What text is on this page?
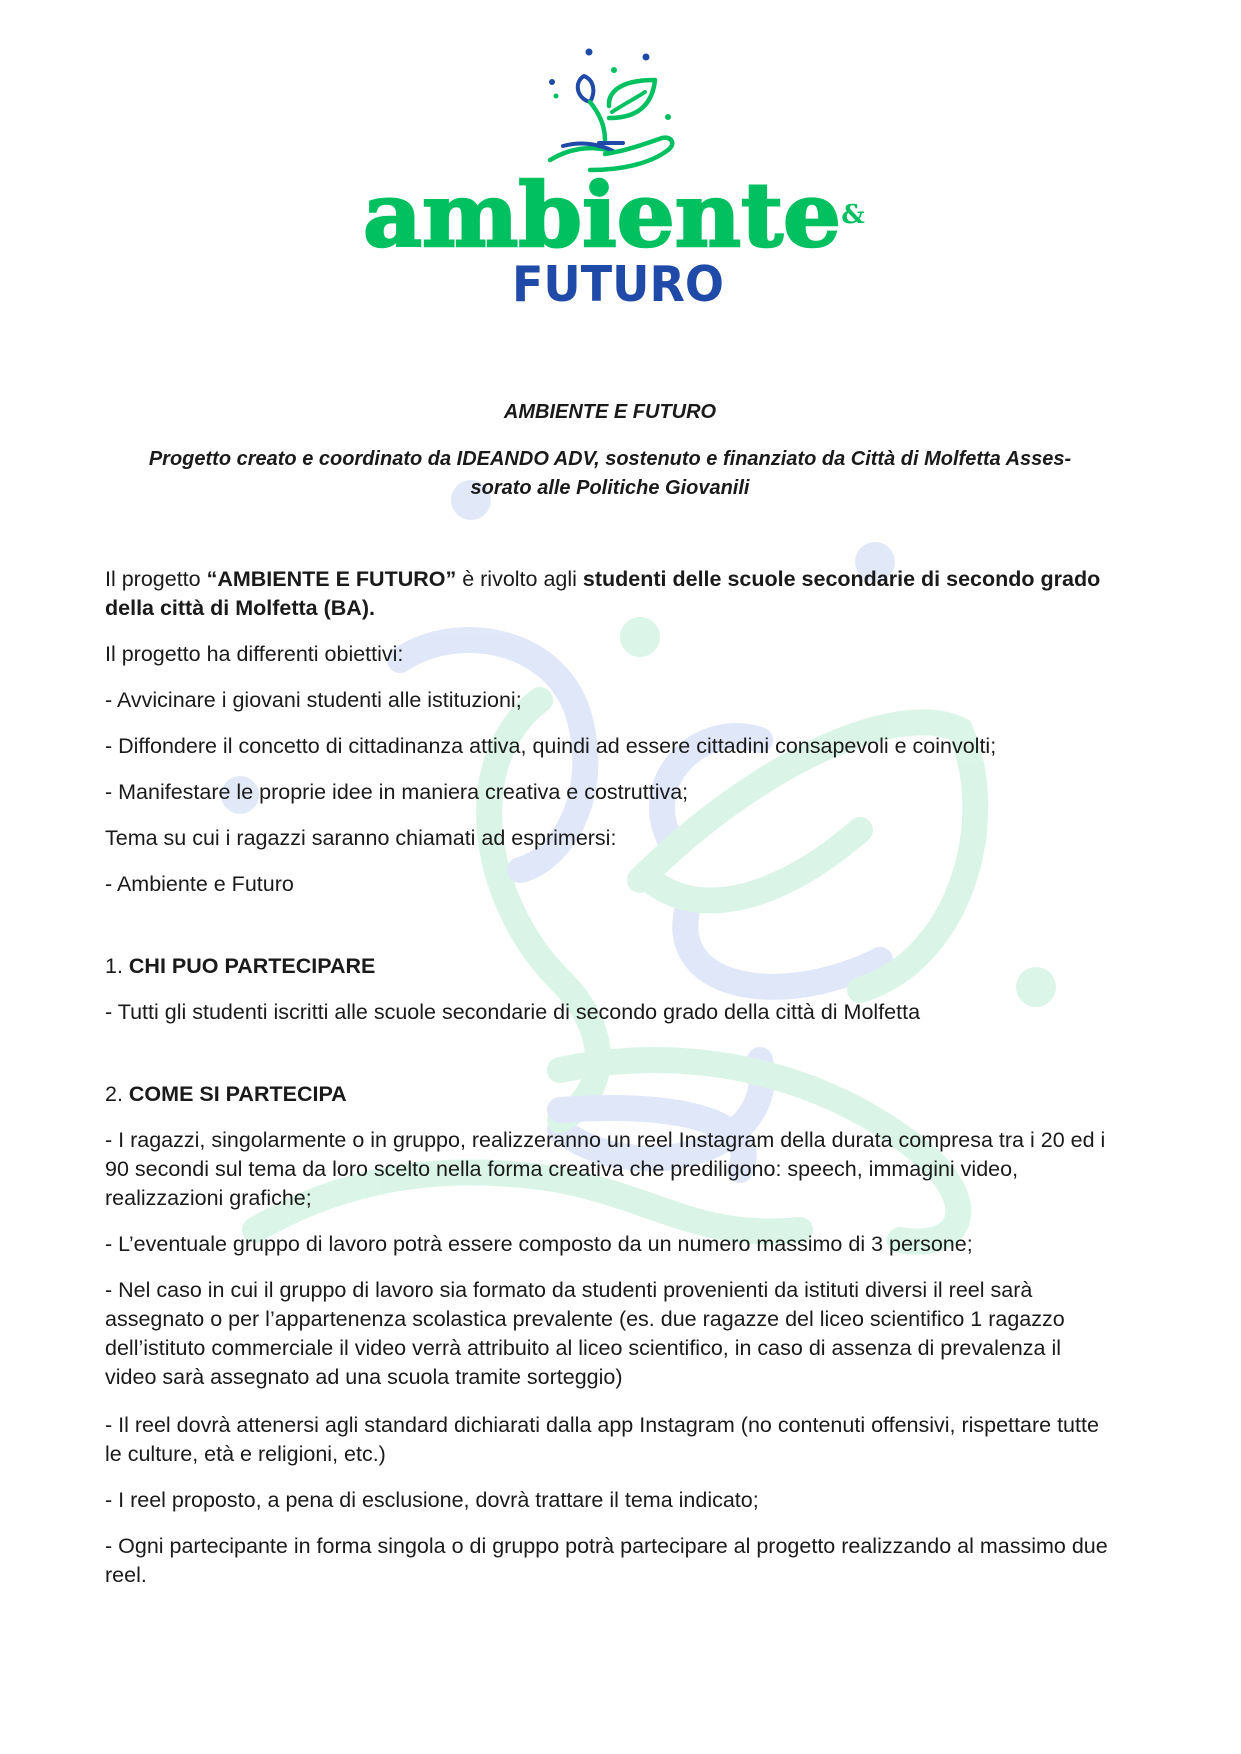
ambiente &
FUTURO
AMBIENTE E FUTURO
Progetto creato e coordinato da IDEANDO ADV, sostenuto e finanziato da Città di Molfetta Asses-
sorato alle Politiche Giovanili

Il progetto “AMBIENTE E FUTURO” è rivolto agli studenti delle scuole secondarie di secondo grado della città di Molfetta (BA).

Il progetto ha differenti obiettivi:

- Avvicinare i giovani studenti alle istituzioni;

- Diffondere il concetto di cittadinanza attiva, quindi ad essere cittadini consapevoli e coinvolti;

- Manifestare le proprie idee in maniera creativa e costruttiva;

Tema su cui i ragazzi saranno chiamati ad esprimersi:

- Ambiente e Futuro

1. CHI PUO PARTECIPARE

- Tutti gli studenti iscritti alle scuole secondarie di secondo grado della città di Molfetta

2. COME SI PARTECIPA

- I ragazzi, singolarmente o in gruppo, realizzeranno un reel Instagram della durata compresa tra i 20 ed i 90 secondi sul tema da loro scelto nella forma creativa che prediligono: speech, immagini video, realizzazioni grafiche;

- L’eventuale gruppo di lavoro potrà essere composto da un numero massimo di 3 persone;

- Nel caso in cui il gruppo di lavoro sia formato da studenti provenienti da istituti diversi il reel sarà assegnato o per l’appartenenza scolastica prevalente (es. due ragazze del liceo scientifico 1 ragazzo dell’istituto commerciale il video verrà attribuito al liceo scientifico, in caso di assenza di prevalenza il video sarà assegnato ad una scuola tramite sorteggio)

- Il reel dovrà attenersi agli standard dichiarati dalla app Instagram (no contenuti offensivi, rispettare tutte le culture, età e religioni, etc.)

- I reel proposto, a pena di esclusione, dovrà trattare il tema indicato;

- Ogni partecipante in forma singola o di gruppo potrà partecipare al progetto realizzando al massimo due reel.
